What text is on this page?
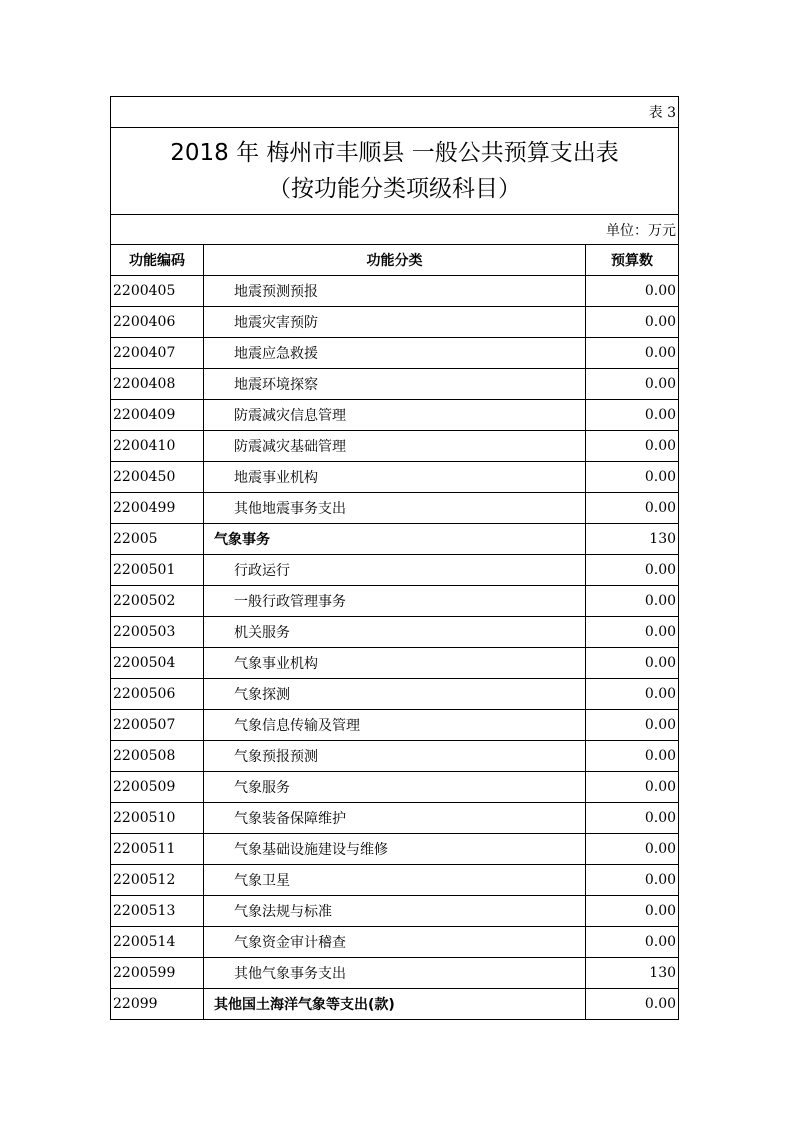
表 3		

2018 年 梅州市丰顺县 一般公共预算支出表
（按功能分类项级科目）		

单位：万元		
功能编码	功能分类	预算数
2200405	地震预测预报	0.00
2200406	地震灾害预防	0.00
2200407	地震应急救援	0.00
2200408	地震环境探察	0.00
2200409	防震减灾信息管理	0.00
2200410	防震减灾基础管理	0.00
2200450	地震事业机构	0.00
2200499	其他地震事务支出	0.00
22005	气象事务	130
2200501	行政运行	0.00
2200502	一般行政管理事务	0.00
2200503	机关服务	0.00
2200504	气象事业机构	0.00
2200506	气象探测	0.00
2200507	气象信息传输及管理	0.00
2200508	气象预报预测	0.00
2200509	气象服务	0.00
2200510	气象装备保障维护	0.00
2200511	气象基础设施建设与维修	0.00
2200512	气象卫星	0.00
2200513	气象法规与标准	0.00
2200514	气象资金审计稽查	0.00
2200599	其他气象事务支出	130
22099	其他国土海洋气象等支出(款)	0.00
